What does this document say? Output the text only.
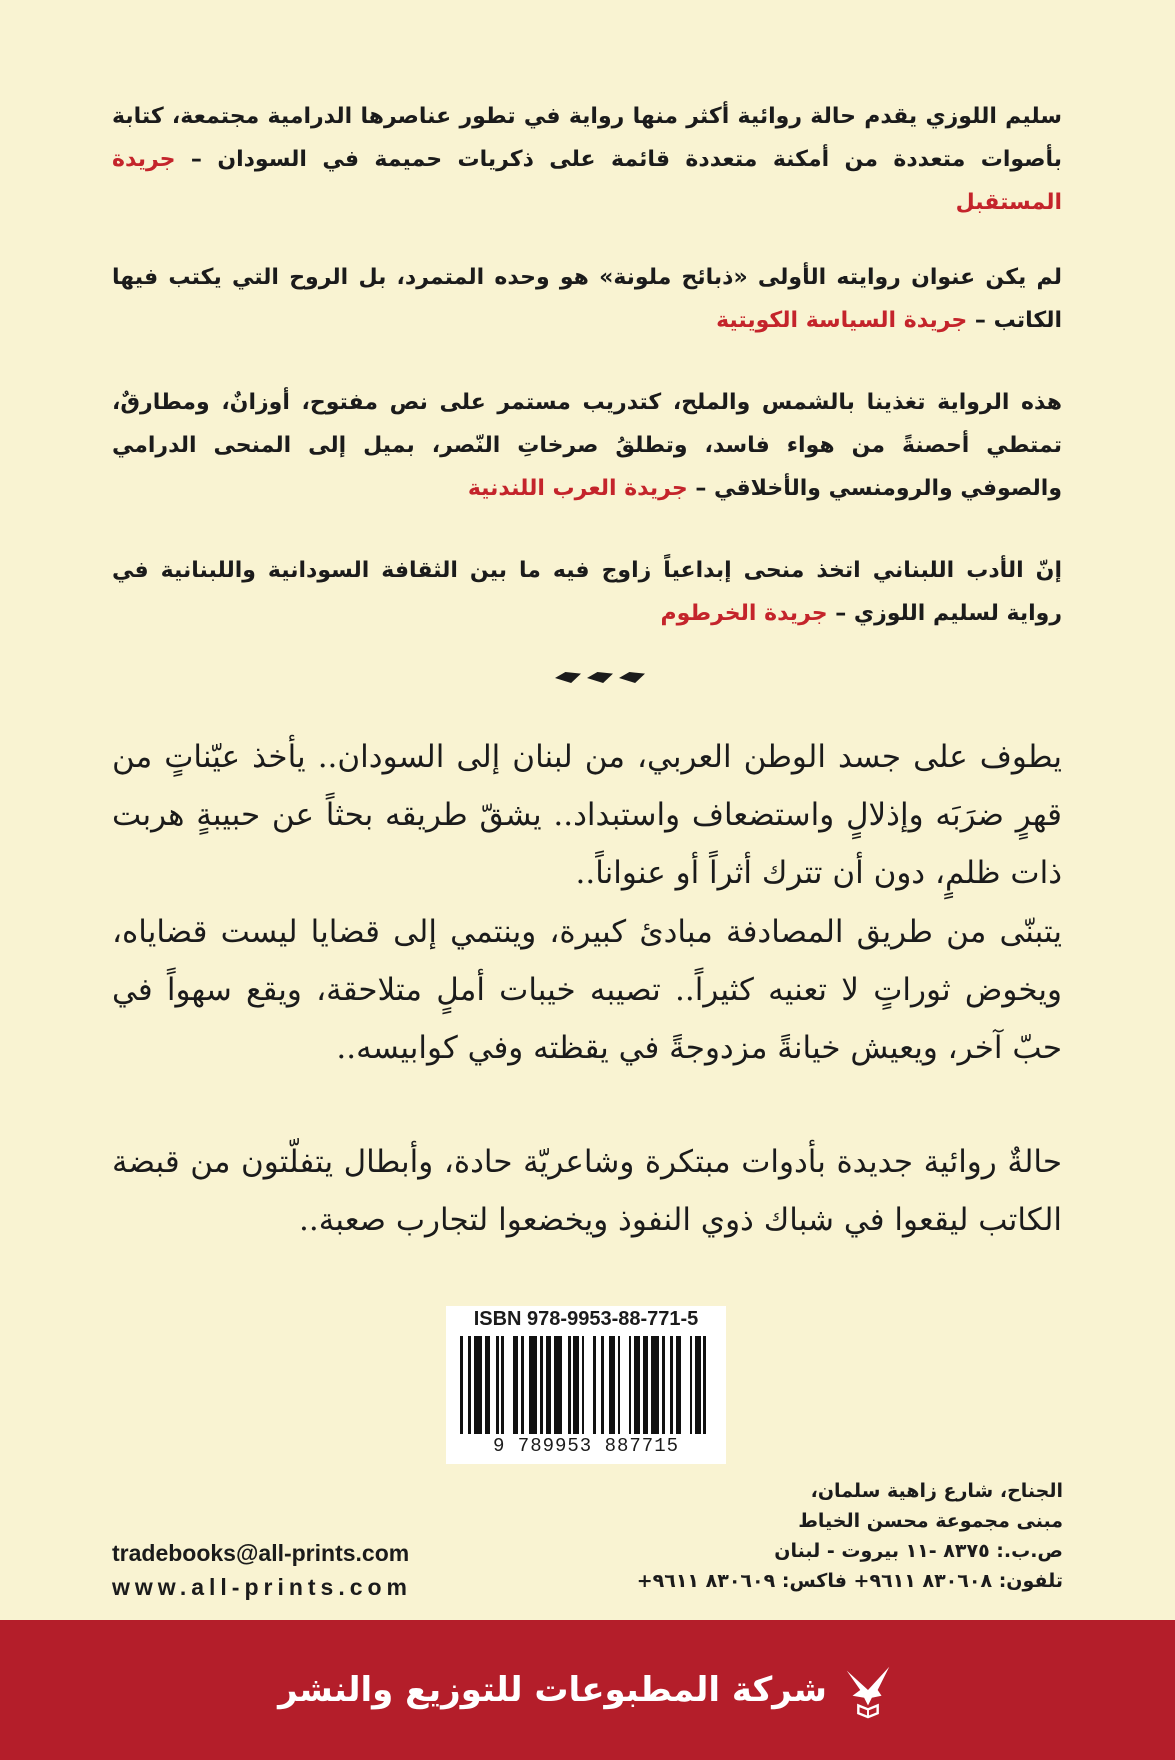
سليم اللوزي يقدم حالة روائية أكثر منها رواية في تطور عناصرها الدرامية مجتمعة، كتابة بأصوات متعددة من أمكنة متعددة قائمة على ذكريات حميمة في السودان – جريدة المستقبل
لم يكن عنوان روايته الأولى «ذبائح ملونة» هو وحده المتمرد، بل الروح التي يكتب فيها الكاتب – جريدة السياسة الكويتية
هذه الرواية تغذينا بالشمس والملح، كتدريب مستمر على نص مفتوح، أوزانٌ، ومطارقٌ، تمتطي أحصنةً من هواء فاسد، وتطلقُ صرخاتِ النّصر، بميل إلى المنحى الدرامي والصوفي والرومنسي والأخلاقي – جريدة العرب اللندنية
إنّ الأدب اللبناني اتخذ منحى إبداعياً زاوج فيه ما بين الثقافة السودانية واللبنانية في رواية لسليم اللوزي – جريدة الخرطوم
يطوف على جسد الوطن العربي، من لبنان إلى السودان.. يأخذ عيّناتٍ من قهرٍ ضرَبَه وإذلالٍ واستضعاف واستبداد.. يشقّ طريقه بحثاً عن حبيبةٍ هربت ذات ظلمٍ، دون أن تترك أثراً أو عنواناً..
يتبنّى من طريق المصادفة مبادئ كبيرة، وينتمي إلى قضايا ليست قضاياه، ويخوض ثوراتٍ لا تعنيه كثيراً.. تصيبه خيبات أملٍ متلاحقة، ويقع سهواً في حبّ آخر، ويعيش خيانةً مزدوجةً في يقظته وفي كوابيسه..
حالةٌ روائية جديدة بأدوات مبتكرة وشاعريّة حادة، وأبطال يتفلّتون من قبضة الكاتب ليقعوا في شباك ذوي النفوذ ويخضعوا لتجارب صعبة..
ISBN 978-9953-88-771-5
9 789953 887715
الجناح، شارع زاهية سلمان،
مبنى مجموعة محسن الخياط
ص.ب.: ٨٣٧٥ -١١ بيروت - لبنان
تلفون: ٨٣٠٦٠٨ ٩٦١١+ فاكس: ٨٣٠٦٠٩ ٩٦١١+
tradebooks@all-prints.com
www.all-prints.com
شركة المطبوعات للتوزيع والنشر
